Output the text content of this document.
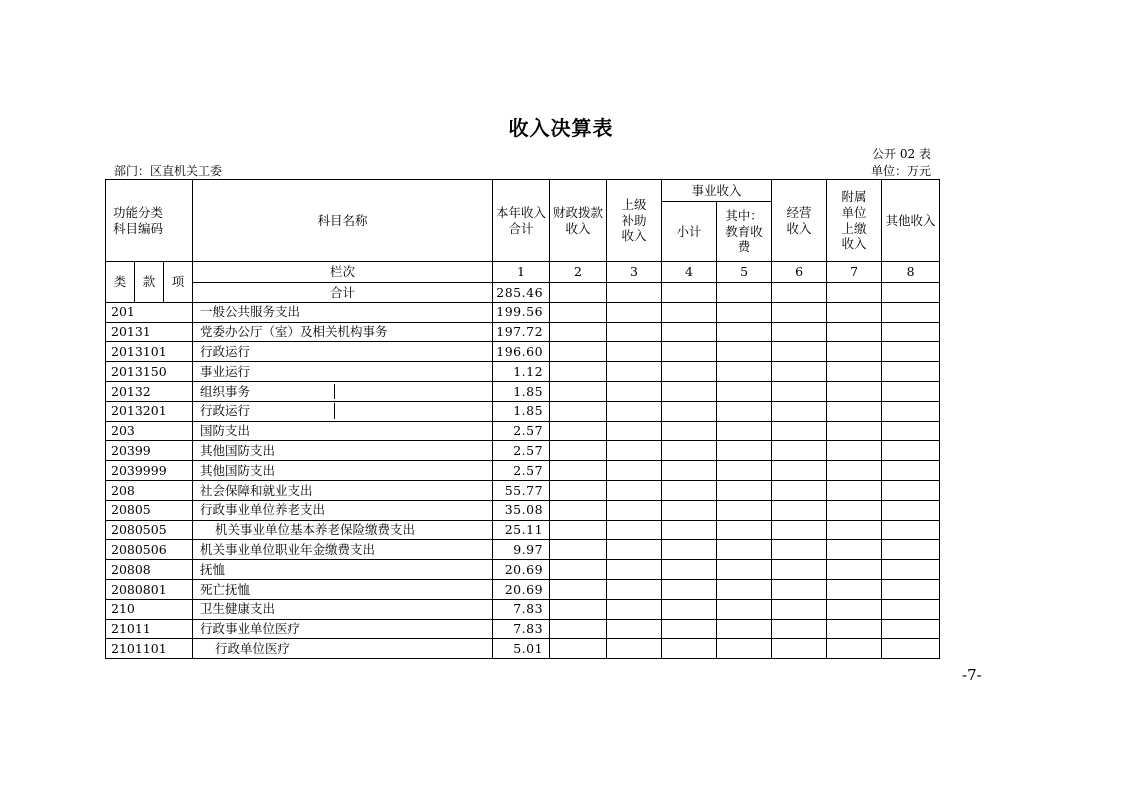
收入决算表
公开 02 表
部门：区直机关工委	单位：万元
功能分类科目编码			科目名称	本年收入合计	财政拨款收入	上级补助收入	事业收入		经营收入	附属单位上缴收入	其他收入

							小计	其中：教育收费			

类	款	项	栏次	1	2	3	4	5	6	7	8
			合计	285.46							
201			一般公共服务支出	199.56							
20131			党委办公厅（室）及相关机构事务	197.72							
2013101			行政运行	196.60							
2013150			事业运行	1.12							
20132			组织事务	1.85							
2013201			行政运行	1.85							
203			国防支出	2.57							
20399			其他国防支出	2.57							
2039999			其他国防支出	2.57							
208			社会保障和就业支出	55.77							
20805			行政事业单位养老支出	35.08							
2080505			机关事业单位基本养老保险缴费支出	25.11							
2080506			机关事业单位职业年金缴费支出	9.97							
20808			抚恤	20.69							
2080801			死亡抚恤	20.69							
210			卫生健康支出	7.83							
21011			行政事业单位医疗	7.83							
2101101			行政单位医疗	5.01							
-7-
